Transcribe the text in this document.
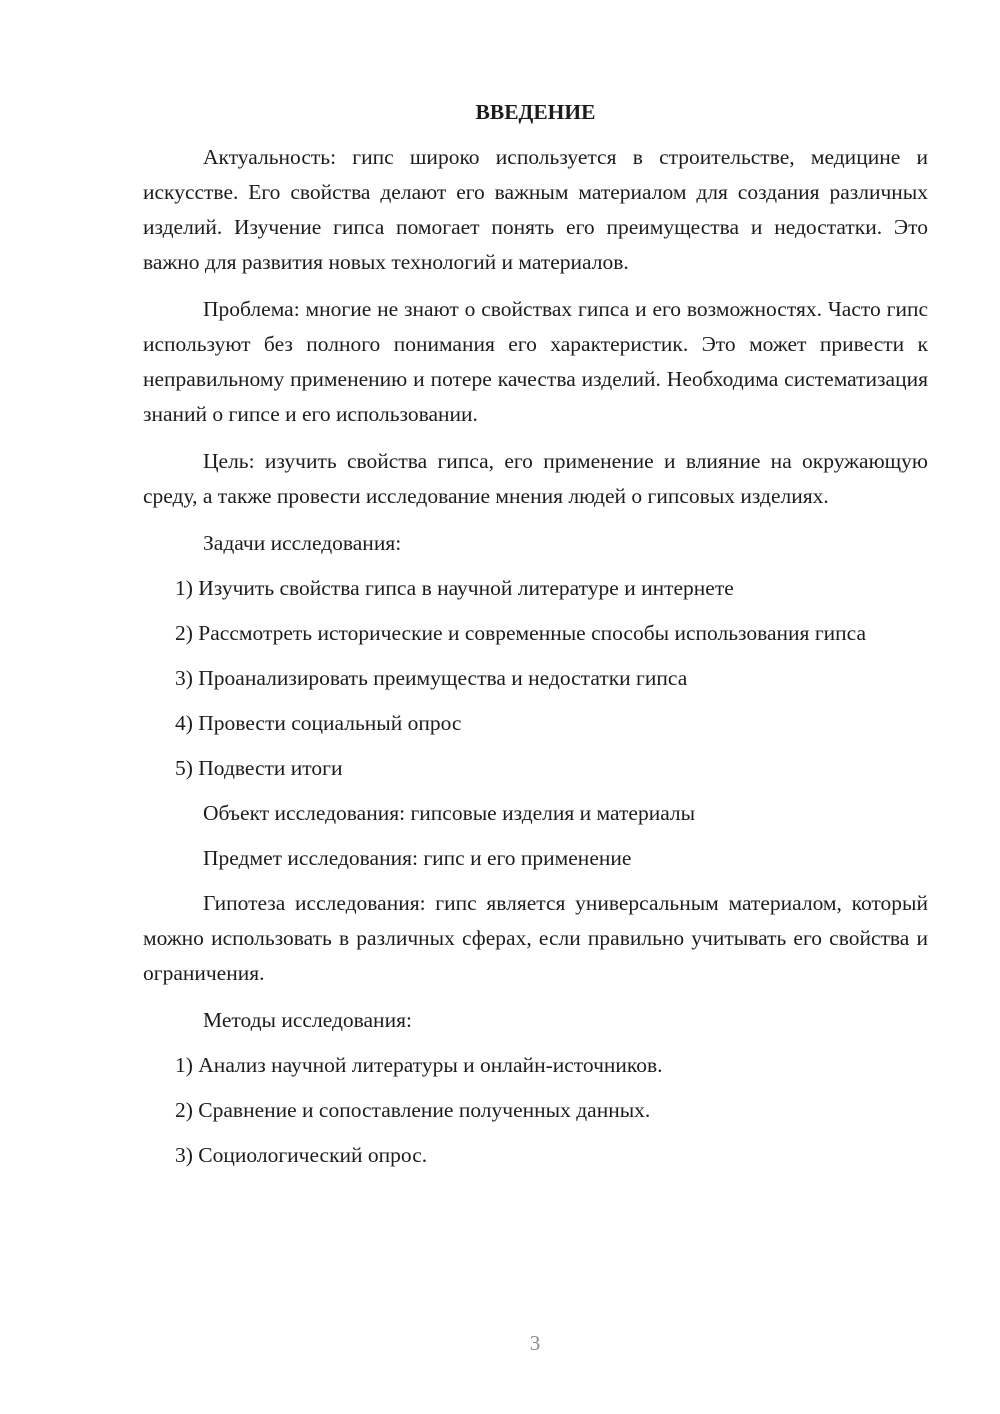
ВВЕДЕНИЕ

Актуальность: гипс широко используется в строительстве, медицине и искусстве. Его свойства делают его важным материалом для создания различных изделий. Изучение гипса помогает понять его преимущества и недостатки. Это важно для развития новых технологий и материалов.

Проблема: многие не знают о свойствах гипса и его возможностях. Часто гипс используют без полного понимания его характеристик. Это может привести к неправильному применению и потере качества изделий. Необходима систематизация знаний о гипсе и его использовании.

Цель: изучить свойства гипса, его применение и влияние на окружающую среду, а также провести исследование мнения людей о гипсовых изделиях.

Задачи исследования:

1) Изучить свойства гипса в научной литературе и интернете

2) Рассмотреть исторические и современные способы использования гипса

3) Проанализировать преимущества и недостатки гипса

4) Провести социальный опрос

5) Подвести итоги

Объект исследования: гипсовые изделия и материалы

Предмет исследования: гипс и его применение

Гипотеза исследования: гипс является универсальным материалом, который можно использовать в различных сферах, если правильно учитывать его свойства и ограничения.

Методы исследования:

1) Анализ научной литературы и онлайн-источников.

2) Сравнение и сопоставление полученных данных.

3) Социологический опрос.

3
